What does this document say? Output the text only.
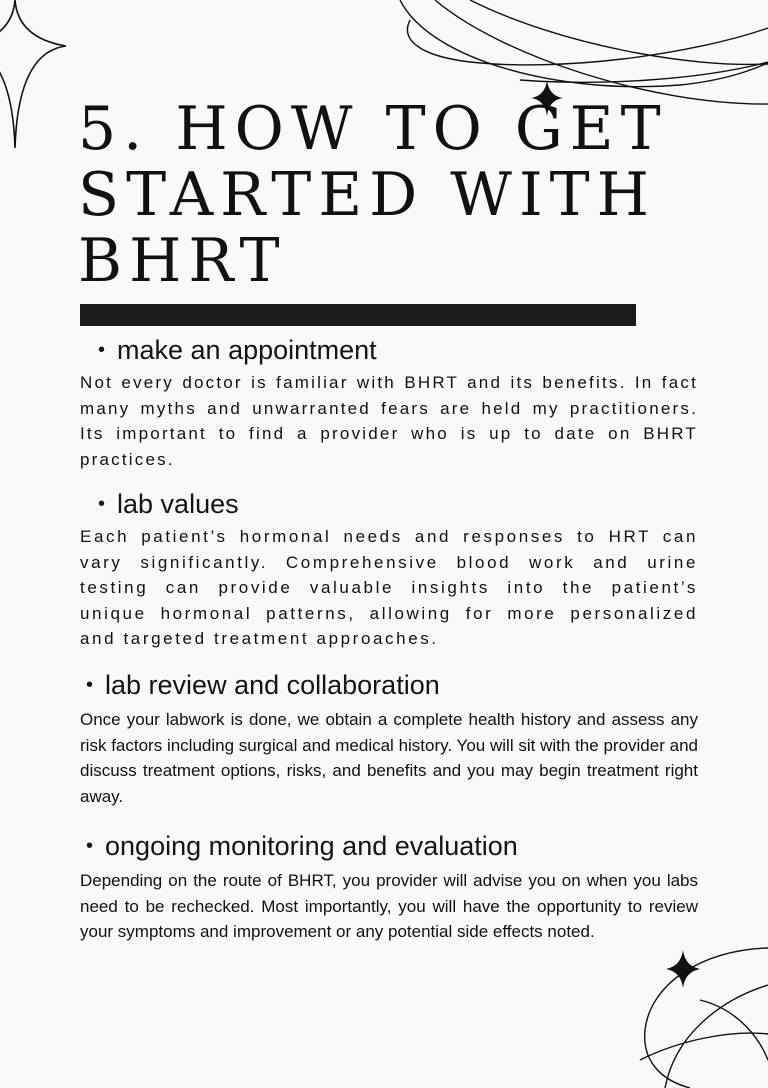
5. HOW TO GET
STARTED WITH
BHRT
• make an appointment

Not every doctor is familiar with BHRT and its benefits. In fact many myths and unwarranted fears are held my practitioners. Its important to find a provider who is up to date on BHRT practices.

• lab values

Each patient’s hormonal needs and responses to HRT can vary significantly. Comprehensive blood work and urine testing can provide valuable insights into the patient’s unique hormonal patterns, allowing for more personalized and targeted treatment approaches.

• lab review and collaboration

Once your labwork is done, we obtain a complete health history and assess any risk factors including surgical and medical history. You will sit with the provider and discuss treatment options, risks, and benefits and you may begin treatment right away.

• ongoing monitoring and evaluation

Depending on the route of BHRT, you provider will advise you on when you labs need to be rechecked. Most importantly, you will have the opportunity to review your symptoms and improvement or any potential side effects noted.
